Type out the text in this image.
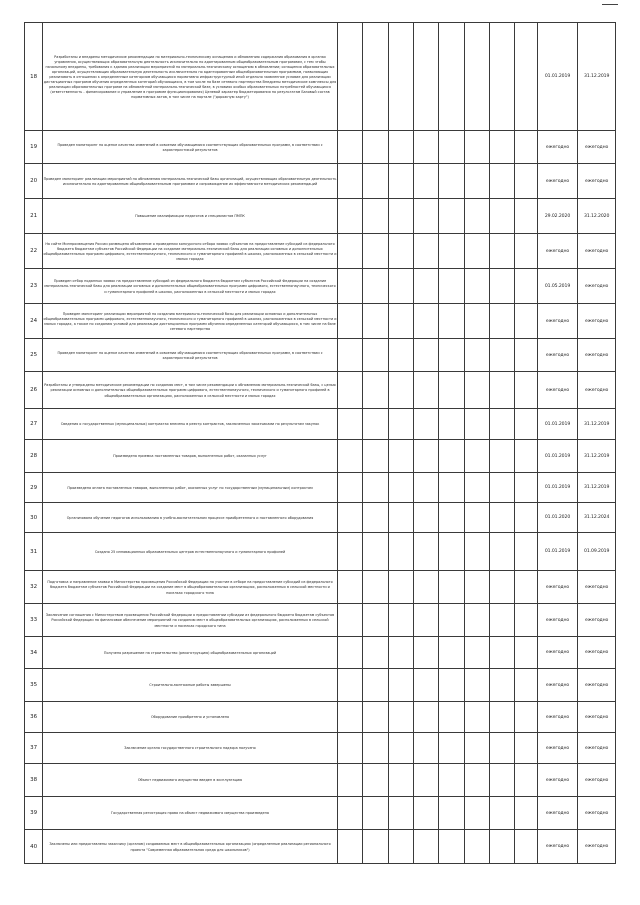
18	Разработаны и внедрены методические рекомендации по материально-техническому оснащению и обновлению содержания образования в органах управления, осуществляющих образовательную деятельность исключительно по адаптированным общеобразовательным программам, с тем чтобы начальному внедрены, требования к зданию реализации мероприятий по материально-техническому оснащению в обновлении; оснащения образовательных организаций, осуществляющих образовательную деятельность исключительно по адаптированным общеобразовательным программам, позволяющих реализовать в отношении к определенным категориям обучающихся нормативно инфраструктурный иной отдельно заявленное условие для реализации дистанционных программ обучения определенных категорий обучающихся, в том числе на базе сетевого партнерства Внедрены методические комплексы для реализации образовательных программ на обновлённой материально-технической базе, в условиях особых образовательных потребностей обучающихся (ответственность - финансирование и управление в программе функционирования) Целевой характер бюджетирования по результатам Базовый состав нормативных актов, в том числе на портале ("дорожную карту")									01.01.2019	31.12.2019
19	Проведен мониторинг по оценке качества изменений в освоении обучающимися соответствующих образовательных программ, в соответствии с характеристикой результатов									ежегодно	ежегодно
20	Проведен мониторинг реализации мероприятий по обновлению материально-технической базы организаций, осуществляющих образовательную деятельность исключительно по адаптированным общеобразовательным программам и сопровождение их эффективности методических рекомендаций									ежегодно	ежегодно
21	Повышение квалификации педагогов и специалистов ПМПК									29.02.2020	31.12.2020
22	На сайте Минпросвещения России размещено объявление о проведении конкурсного отбора заявок субъектов на предоставление субсидий из федерального бюджета бюджетам субъектов Российской Федерации на создание материально-технической базы для реализации основных и дополнительных общеобразовательных программ цифрового, естественнонаучного, технического и гуманитарного профилей в школах, расположенных в сельской местности и малых городах									ежегодно	ежегодно
23	Проведен отбор поданных заявок на предоставление субсидий из федерального бюджета бюджетам субъектов Российской Федерации на создание материально-технической базы для реализации основных и дополнительных общеобразовательных программ цифрового, естественнонаучного, технического и гуманитарного профилей в школах, расположенных в сельской местности и малых городах									01.05.2019	ежегодно
24	Проведен мониторинг реализации мероприятий по созданию материально-технической базы для реализации основных и дополнительных общеобразовательных программ цифрового, естественнонаучного, технического и гуманитарного профилей в школах, расположенных в сельской местности и малых городах, а также по созданию условий для реализации дистанционных программ обучения определенных категорий обучающихся, в том числе на базе сетевого партнерства									ежегодно	ежегодно
25	Проведен мониторинг по оценке качества изменений в освоении обучающимися соответствующих образовательных программ, в соответствии с характеристикой результатов									ежегодно	ежегодно
26	Разработаны и утверждены методические рекомендации по созданию мест, в том числе рекомендации к обновлению материально-технической базы, с целью реализации основных и дополнительных общеобразовательных программ цифрового, естественнонаучного, технического и гуманитарного профилей в общеобразовательных организациях, расположенных в сельской местности и малых городах									ежегодно	ежегодно
27	Сведения о государственных (муниципальных) контрактах внесены в реестр контрактов, заключенных заказчиками по результатам закупок									01.01.2019	31.12.2019
28	Произведена приемка поставленных товаров, выполненных работ, оказанных услуг									01.01.2019	31.12.2019
29	Произведена оплата поставленных товаров, выполненных работ, оказанных услуг по государственным (муниципальным) контрактам									01.01.2019	31.12.2019
30	Организована обучение педагогов использованию в учебно-воспитательном процессе приобретенного и поставленного оборудования									01.01.2020	31.12.2024
31	Создано 25 инновационных образовательных центров естественнонаучного и гуманитарного профилей									01.01.2019	01.09.2019
32	Подготовка и направление заявки в Министерство просвещения Российской Федерации на участие в отборе на предоставление субсидий из федерального бюджета бюджетам субъектов Российской Федерации на создание мест в общеобразовательных организациях, расположенных в сельской местности и поселках городского типа									ежегодно	ежегодно
33	Заключение соглашения с Министерством просвещения Российской Федерации о предоставлении субсидии из федерального бюджета бюджетам субъектов Российской Федерации на финансовое обеспечение мероприятий по созданию мест в общеобразовательных организациях, расположенных в сельской местности и поселках городского типа									ежегодно	ежегодно
34	Получено разрешение на строительство (реконструкцию) общеобразовательных организаций									ежегодно	ежегодно
35	Строительно-монтажные работы завершены									ежегодно	ежегодно
36	Оборудование приобретено и установлено									ежегодно	ежегодно
37	Заключение органа государственного строительного надзора получено									ежегодно	ежегодно
38	Объект недвижимого имущества введен в эксплуатацию									ежегодно	ежегодно
39	Государственная регистрация права на объект недвижимого имущества произведена									ежегодно	ежегодно
40	Заключены или предоставлены заказчику (органом) создаваемых мест в общеобразовательных организациях (определенные реализации регионального проекта "Современная образовательная среда для школьников")									ежегодно	ежегодно
